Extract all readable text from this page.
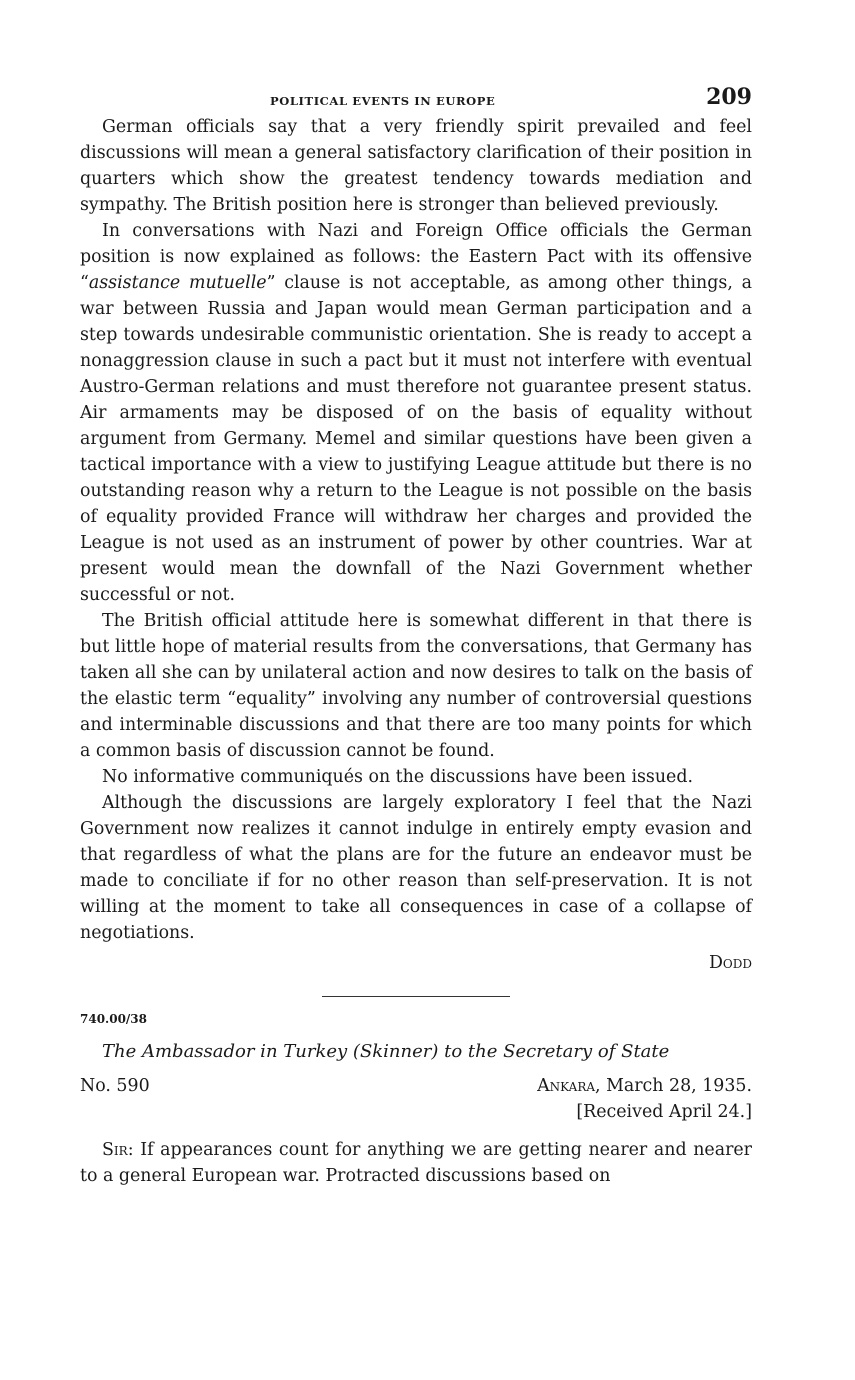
POLITICAL EVENTS IN EUROPE	209

German officials say that a very friendly spirit prevailed and feel discussions will mean a general satisfactory clarification of their position in quarters which show the greatest tendency towards mediation and sympathy. The British position here is stronger than believed previously.

In conversations with Nazi and Foreign Office officials the German position is now explained as follows: the Eastern Pact with its offensive “assistance mutuelle” clause is not acceptable, as among other things, a war between Russia and Japan would mean German participation and a step towards undesirable communistic orientation. She is ready to accept a nonaggression clause in such a pact but it must not interfere with eventual Austro-German relations and must therefore not guarantee present status. Air armaments may be disposed of on the basis of equality without argument from Germany. Memel and similar questions have been given a tactical importance with a view to justifying League attitude but there is no outstanding reason why a return to the League is not possible on the basis of equality provided France will withdraw her charges and provided the League is not used as an instrument of power by other countries. War at present would mean the downfall of the Nazi Government whether successful or not.

The British official attitude here is somewhat different in that there is but little hope of material results from the conversations, that Germany has taken all she can by unilateral action and now desires to talk on the basis of the elastic term “equality” involving any number of controversial questions and interminable discussions and that there are too many points for which a common basis of discussion cannot be found.

No informative communiqués on the discussions have been issued.

Although the discussions are largely exploratory I feel that the Nazi Government now realizes it cannot indulge in entirely empty evasion and that regardless of what the plans are for the future an endeavor must be made to conciliate if for no other reason than self-preservation. It is not willing at the moment to take all consequences in case of a collapse of negotiations.

Dodd
740.00/38
The Ambassador in Turkey (Skinner) to the Secretary of State
No. 590	Ankara, March 28, 1935.
[Received April 24.]

Sir: If appearances count for anything we are getting nearer and nearer to a general European war. Protracted discussions based on
